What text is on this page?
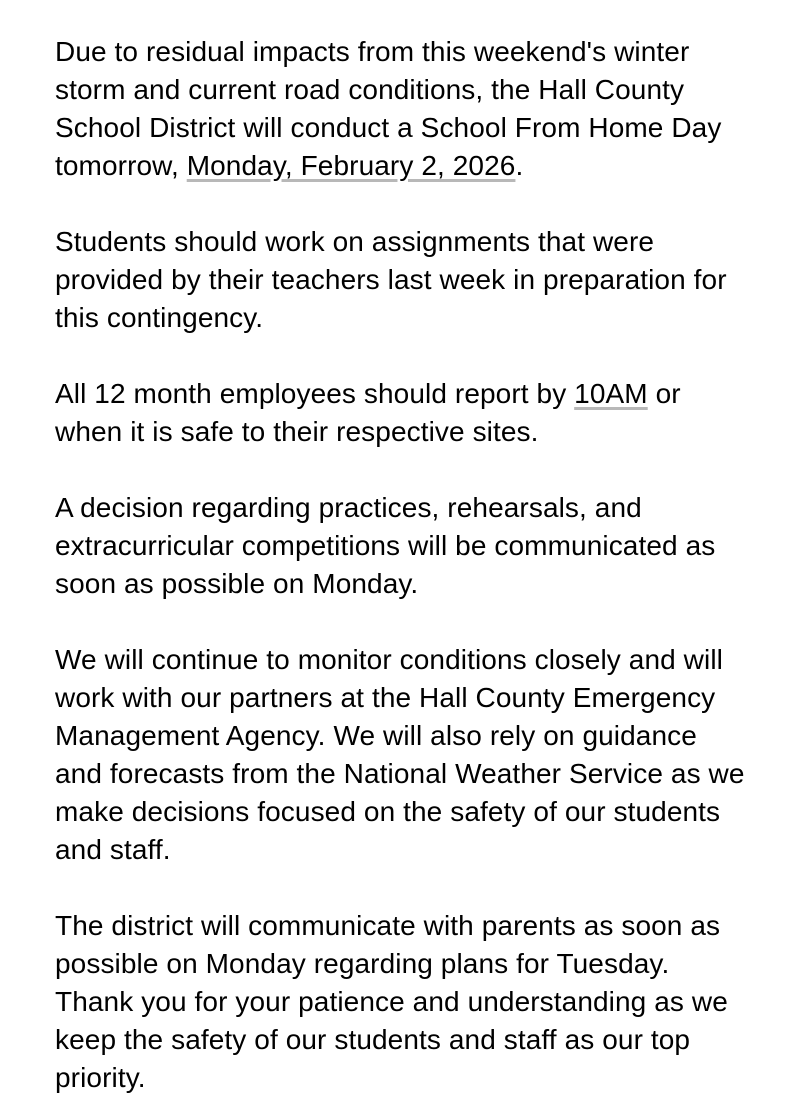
Due to residual impacts from this weekend's winter storm and current road conditions, the Hall County School District will conduct a School From Home Day tomorrow, Monday, February 2, 2026.

Students should work on assignments that were provided by their teachers last week in preparation for this contingency.

All 12 month employees should report by 10AM or when it is safe to their respective sites.

A decision regarding practices, rehearsals, and extracurricular competitions will be communicated as soon as possible on Monday.

We will continue to monitor conditions closely and will work with our partners at the Hall County Emergency Management Agency. We will also rely on guidance and forecasts from the National Weather Service as we make decisions focused on the safety of our students and staff.

The district will communicate with parents as soon as possible on Monday regarding plans for Tuesday. Thank you for your patience and understanding as we keep the safety of our students and staff as our top priority.
